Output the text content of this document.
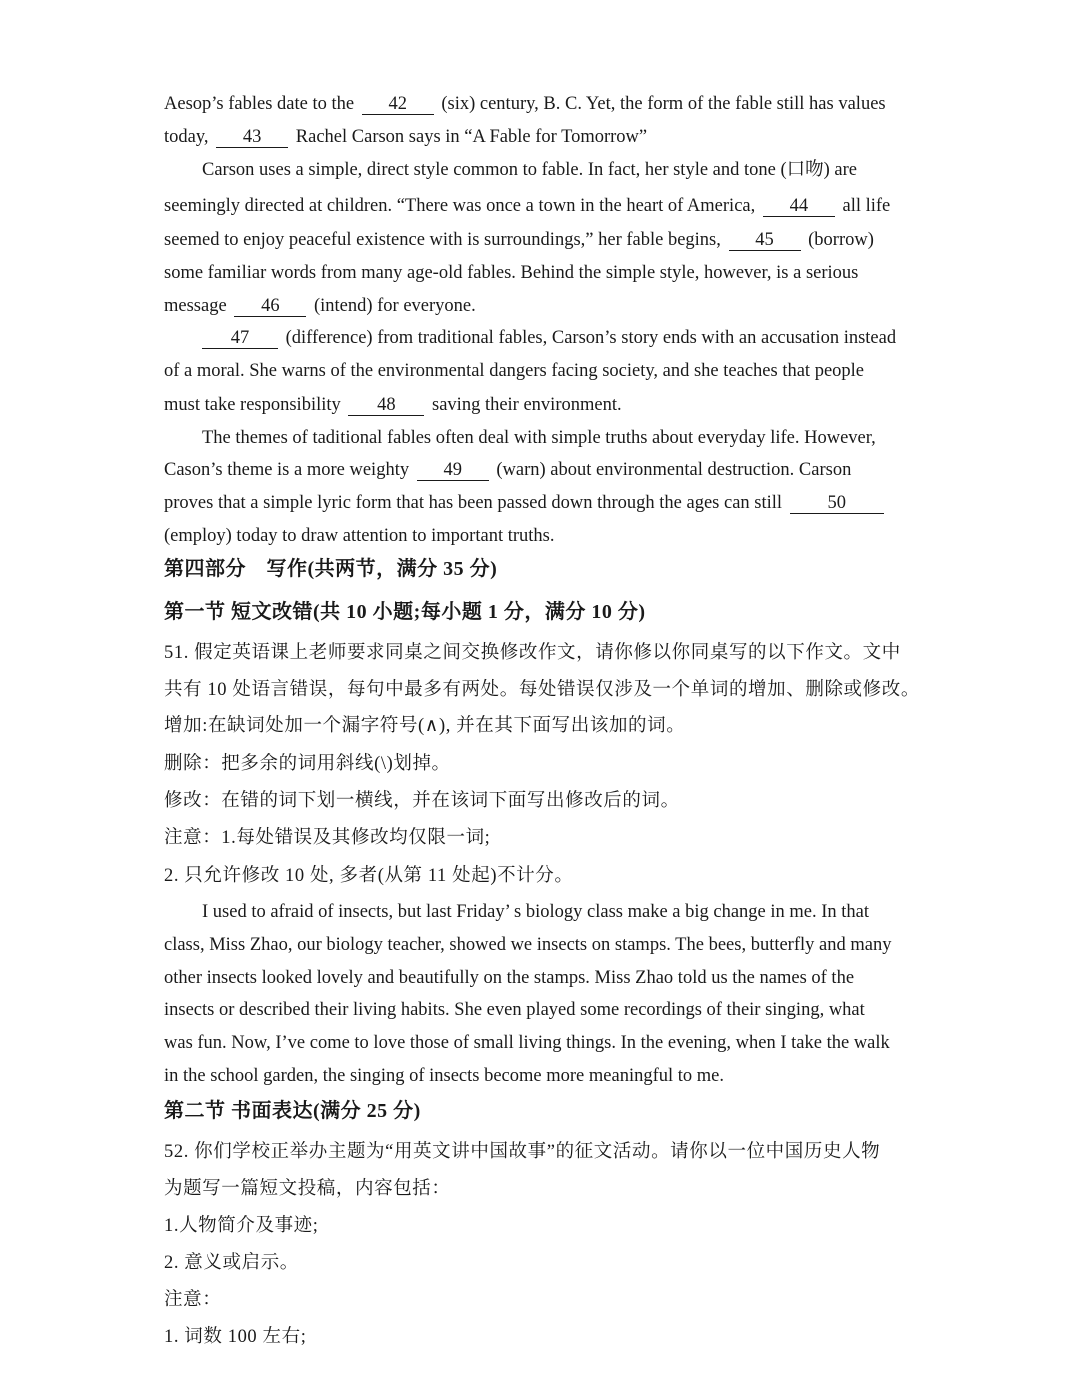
Aesop’s fables date to the 42 (six) century, B. C. Yet, the form of the fable still has values
today, 43 Rachel Carson says in “A Fable for Tomorrow”
Carson uses a simple, direct style common to fable. In fact, her style and tone (口吻) are
seemingly directed at children. “There was once a town in the heart of America, 44 all life
seemed to enjoy peaceful existence with is surroundings,” her fable begins, 45 (borrow)
some familiar words from many age-old fables. Behind the simple style, however, is a serious
message 46 (intend) for everyone.
47 (difference) from traditional fables, Carson’s story ends with an accusation instead
of a moral. She warns of the environmental dangers facing society, and she teaches that people
must take responsibility 48 saving their environment.
The themes of taditional fables often deal with simple truths about everyday life. However,
Cason’s theme is a more weighty 49 (warn) about environmental destruction. Carson
proves that a simple lyric form that has been passed down through the ages can still 50
(employ) today to draw attention to important truths.
第四部分　写作(共两节，满分 35 分)
第一节 短文改错(共 10 小题;每小题 1 分，满分 10 分)
51. 假定英语课上老师要求同桌之间交换修改作文，请你修以你同桌写的以下作文。文中
共有 10 处语言错误，每句中最多有两处。每处错误仅涉及一个单词的增加、删除或修改。
增加:在缺词处加一个漏字符号(∧), 并在其下面写出该加的词。
删除：把多余的词用斜线(\)划掉。
修改：在错的词下划一横线，并在该词下面写出修改后的词。
注意：1.每处错误及其修改均仅限一词;
2. 只允许修改 10 处, 多者(从第 11 处起)不计分。
I used to afraid of insects, but last Friday’ s biology class make a big change in me. In that
class, Miss Zhao, our biology teacher, showed we insects on stamps. The bees, butterfly and many
other insects looked lovely and beautifully on the stamps. Miss Zhao told us the names of the
insects or described their living habits. She even played some recordings of their singing, what
was fun. Now, I’ve come to love those of small living things. In the evening, when I take the walk
in the school garden, the singing of insects become more meaningful to me.
第二节 书面表达(满分 25 分)
52. 你们学校正举办主题为“用英文讲中国故事”的征文活动。请你以一位中国历史人物
为题写一篇短文投稿，内容包括：
1.人物简介及事迹;
2. 意义或启示。
注意：
1. 词数 100 左右;
